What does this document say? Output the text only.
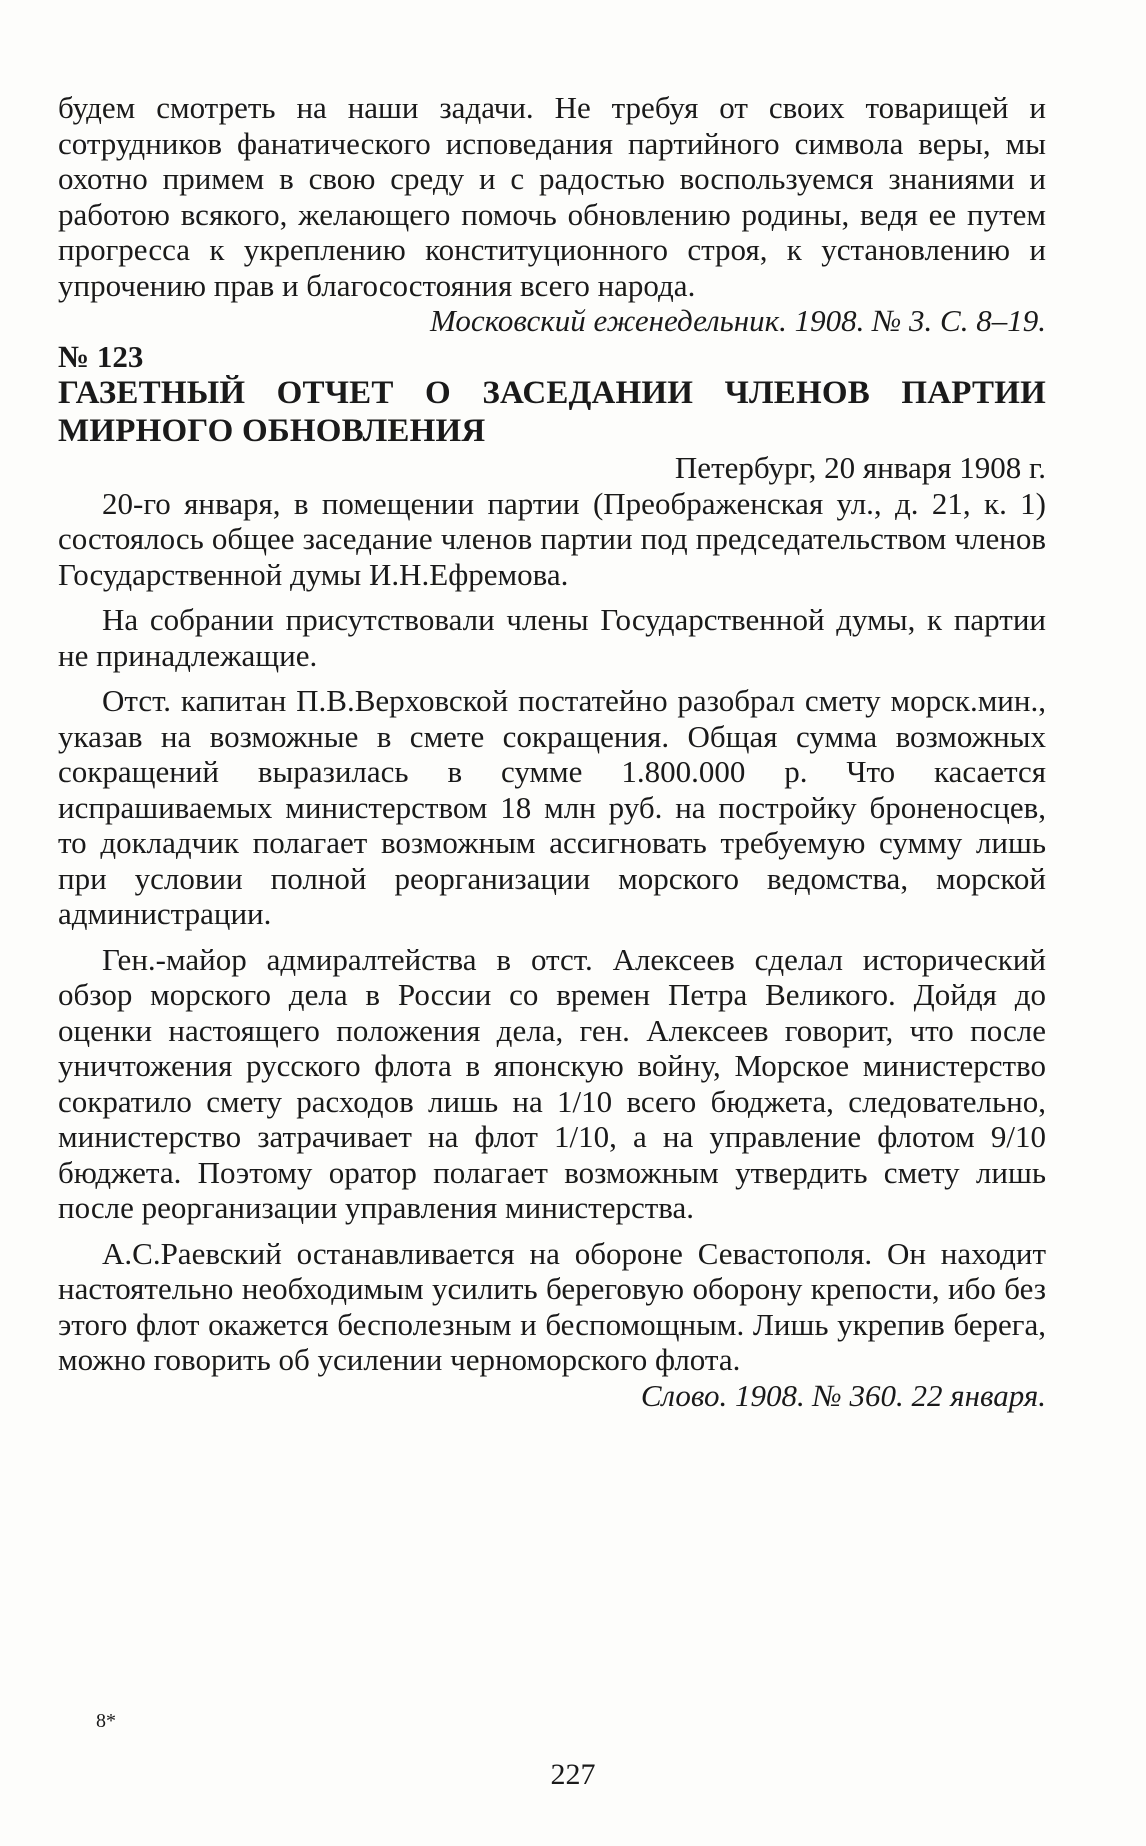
будем смотреть на наши задачи. Не требуя от своих товарищей и сотрудников фанатического исповедания партийного символа веры, мы охотно примем в свою среду и с радостью воспользуемся знаниями и работою всякого, желающего помочь обновлению родины, ведя ее путем прогресса к укреплению конституционного строя, к установлению и упрочению прав и благосостояния всего народа.

Московский еженедельник. 1908. № 3. С. 8–19.

№ 123

ГАЗЕТНЫЙ ОТЧЕТ О ЗАСЕДАНИИ ЧЛЕНОВ ПАРТИИ МИРНОГО ОБНОВЛЕНИЯ

Петербург, 20 января 1908 г.

20-го января, в помещении партии (Преображенская ул., д. 21, к. 1) состоялось общее заседание членов партии под председательством членов Государственной думы И.Н.Ефремова.

На собрании присутствовали члены Государственной думы, к партии не принадлежащие.

Отст. капитан П.В.Верховской постатейно разобрал смету морск.мин., указав на возможные в смете сокращения. Общая сумма возможных сокращений выразилась в сумме 1.800.000 р. Что касается испрашиваемых министерством 18 млн руб. на постройку броненосцев, то докладчик полагает возможным ассигновать требуемую сумму лишь при условии полной реорганизации морского ведомства, морской администрации.

Ген.-майор адмиралтейства в отст. Алексеев сделал исторический обзор морского дела в России со времен Петра Великого. Дойдя до оценки настоящего положения дела, ген. Алексеев говорит, что после уничтожения русского флота в японскую войну, Морское министерство сократило смету расходов лишь на 1/10 всего бюджета, следовательно, министерство затрачивает на флот 1/10, а на управление флотом 9/10 бюджета. Поэтому оратор полагает возможным утвердить смету лишь после реорганизации управления министерства.

А.С.Раевский останавливается на обороне Севастополя. Он находит настоятельно необходимым усилить береговую оборону крепости, ибо без этого флот окажется бесполезным и беспомощным. Лишь укрепив берега, можно говорить об усилении черноморского флота.

Слово. 1908. № 360. 22 января.

8*
227
